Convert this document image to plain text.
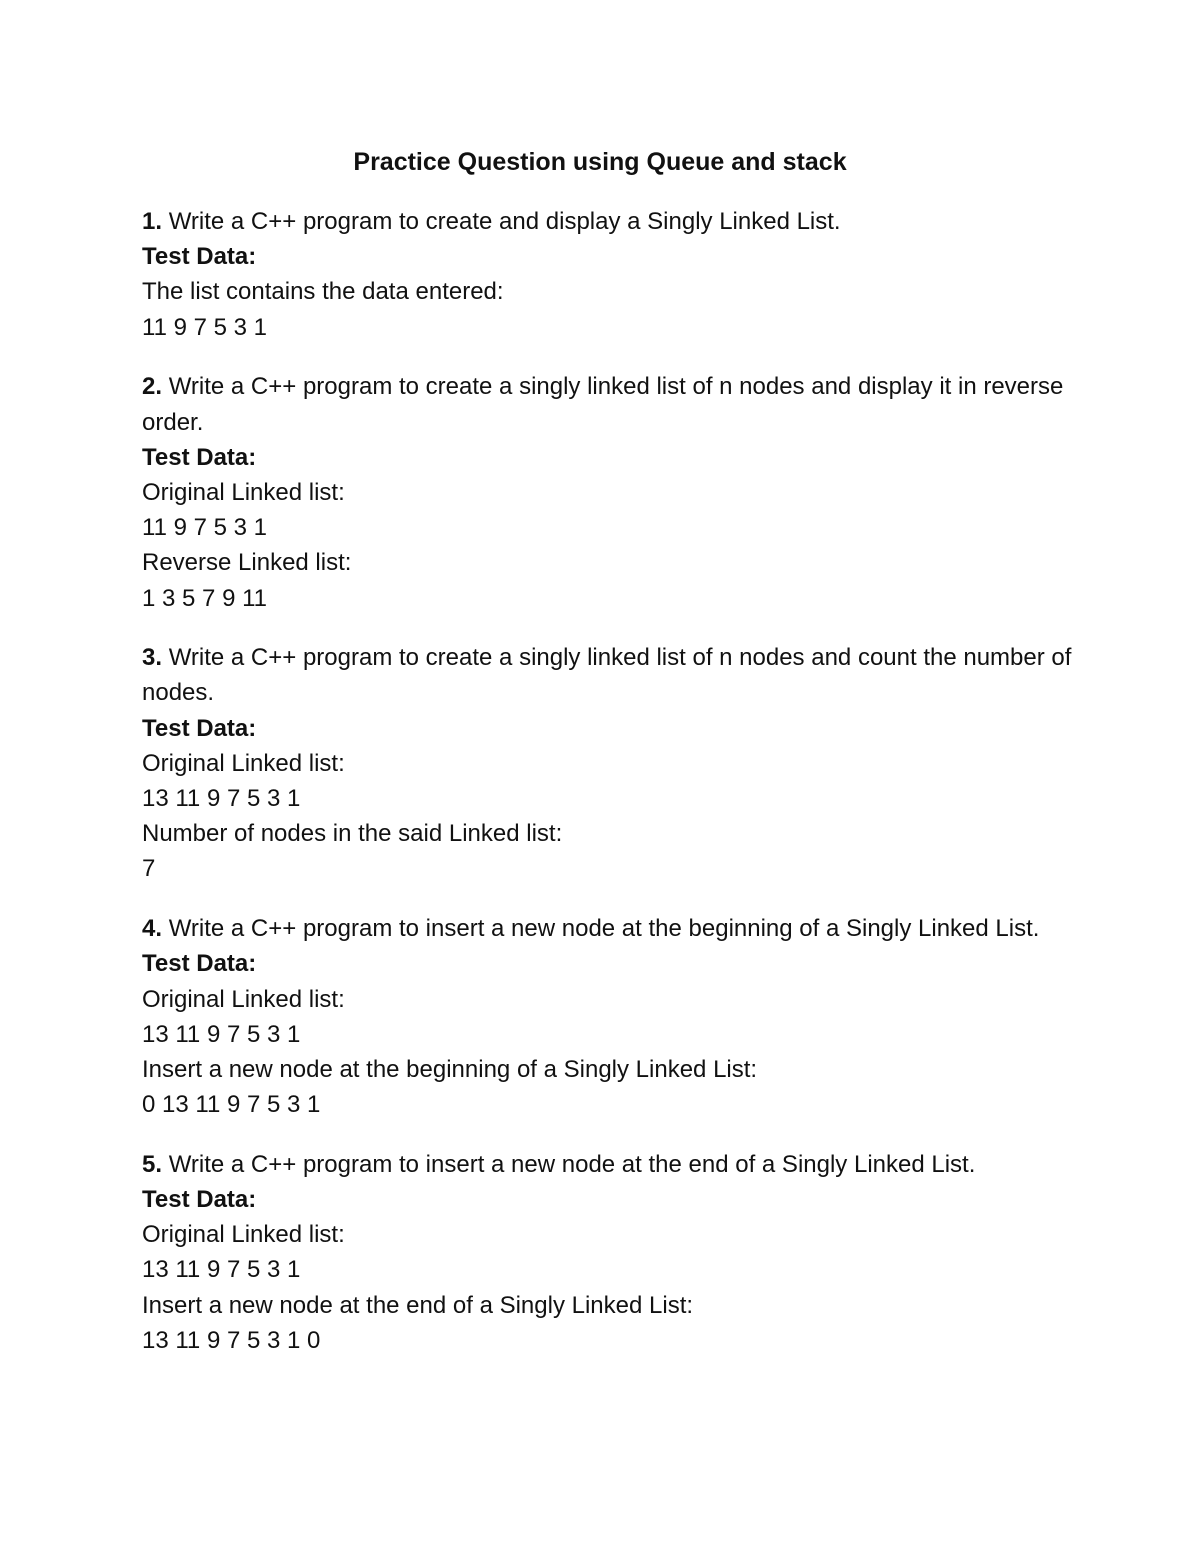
Practice Question using Queue and stack

1. Write a C++ program to create and display a Singly Linked List.

Test Data:

The list contains the data entered:

11 9 7 5 3 1

2. Write a C++ program to create a singly linked list of n nodes and display it in reverse order.

Test Data:

Original Linked list:

11 9 7 5 3 1

Reverse Linked list:

1 3 5 7 9 11

3. Write a C++ program to create a singly linked list of n nodes and count the number of nodes.

Test Data:

Original Linked list:

13 11 9 7 5 3 1

Number of nodes in the said Linked list:

7

4. Write a C++ program to insert a new node at the beginning of a Singly Linked List.

Test Data:

Original Linked list:

13 11 9 7 5 3 1

Insert a new node at the beginning of a Singly Linked List:

0 13 11 9 7 5 3 1

5. Write a C++ program to insert a new node at the end of a Singly Linked List.

Test Data:

Original Linked list:

13 11 9 7 5 3 1

Insert a new node at the end of a Singly Linked List:

13 11 9 7 5 3 1 0
